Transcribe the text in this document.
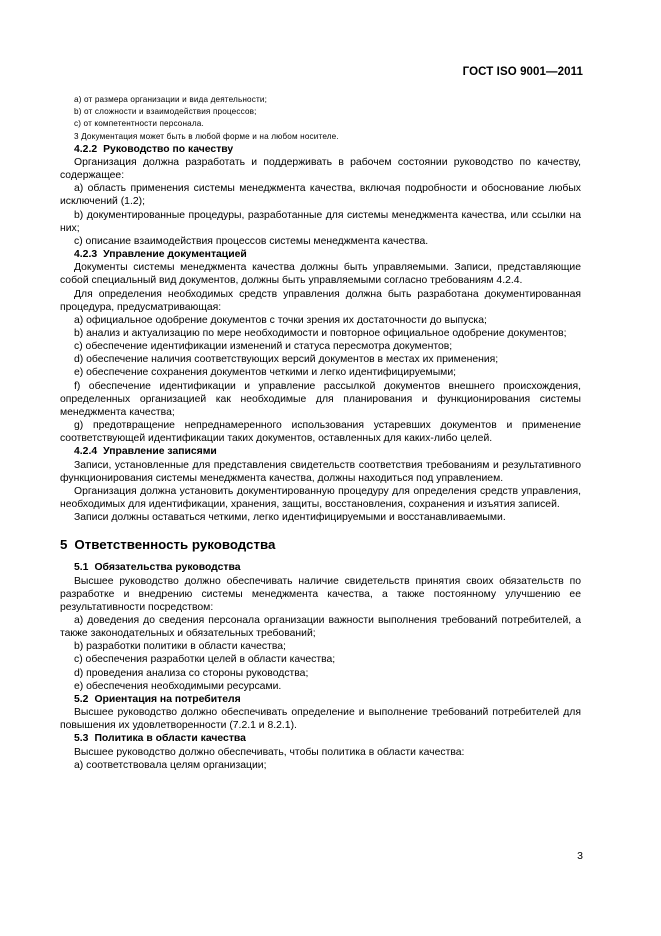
ГОСТ ISO 9001—2011
а) от размера организации и вида деятельности;
b) от сложности и взаимодействия процессов;
c) от компетентности персонала.
3 Документация может быть в любой форме и на любом носителе.
4.2.2 Руководство по качеству
Организация должна разработать и поддерживать в рабочем состоянии руководство по качеству, содержащее:
а) область применения системы менеджмента качества, включая подробности и обоснование любых исключений (1.2);
b) документированные процедуры, разработанные для системы менеджмента качества, или ссылки на них;
c) описание взаимодействия процессов системы менеджмента качества.
4.2.3 Управление документацией
Документы системы менеджмента качества должны быть управляемыми. Записи, представляющие собой специальный вид документов, должны быть управляемыми согласно требованиям 4.2.4.
Для определения необходимых средств управления должна быть разработана документированная процедура, предусматривающая:
а) официальное одобрение документов с точки зрения их достаточности до выпуска;
b) анализ и актуализацию по мере необходимости и повторное официальное одобрение документов;
c) обеспечение идентификации изменений и статуса пересмотра документов;
d) обеспечение наличия соответствующих версий документов в местах их применения;
e) обеспечение сохранения документов четкими и легко идентифицируемыми;
f) обеспечение идентификации и управление рассылкой документов внешнего происхождения, определенных организацией как необходимые для планирования и функционирования системы менеджмента качества;
g) предотвращение непреднамеренного использования устаревших документов и применение соответствующей идентификации таких документов, оставленных для каких-либо целей.
4.2.4 Управление записями
Записи, установленные для представления свидетельств соответствия требованиям и результативного функционирования системы менеджмента качества, должны находиться под управлением.
Организация должна установить документированную процедуру для определения средств управления, необходимых для идентификации, хранения, защиты, восстановления, сохранения и изъятия записей.
Записи должны оставаться четкими, легко идентифицируемыми и восстанавливаемыми.
5 Ответственность руководства
5.1 Обязательства руководства
Высшее руководство должно обеспечивать наличие свидетельств принятия своих обязательств по разработке и внедрению системы менеджмента качества, а также постоянному улучшению ее результативности посредством:
а) доведения до сведения персонала организации важности выполнения требований потребителей, а также законодательных и обязательных требований;
b) разработки политики в области качества;
c) обеспечения разработки целей в области качества;
d) проведения анализа со стороны руководства;
e) обеспечения необходимыми ресурсами.
5.2 Ориентация на потребителя
Высшее руководство должно обеспечивать определение и выполнение требований потребителей для повышения их удовлетворенности (7.2.1 и 8.2.1).
5.3 Политика в области качества
Высшее руководство должно обеспечивать, чтобы политика в области качества:
а) соответствовала целям организации;
3
